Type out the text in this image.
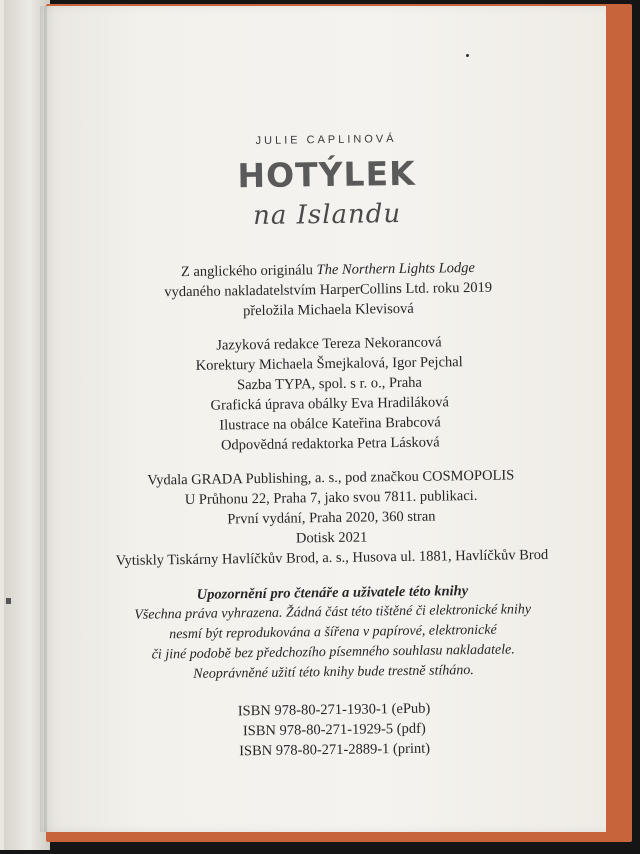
JULIE CAPLINOVÁ
HOTÝLEK
na Islandu
Z anglického originálu The Northern Lights Lodge
vydaného nakladatelstvím HarperCollins Ltd. roku 2019
přeložila Michaela Klevisová
Jazyková redakce Tereza Nekorancová
Korektury Michaela Šmejkalová, Igor Pejchal
Sazba TYPA, spol. s r. o., Praha
Grafická úprava obálky Eva Hradiláková
Ilustrace na obálce Kateřina Brabcová
Odpovědná redaktorka Petra Lásková
Vydala GRADA Publishing, a. s., pod značkou COSMOPOLIS
U Průhonu 22, Praha 7, jako svou 7811. publikaci.
První vydání, Praha 2020, 360 stran
Dotisk 2021
Vytiskly Tiskárny Havlíčkův Brod, a. s., Husova ul. 1881, Havlíčkův Brod
Upozornění pro čtenáře a uživatele této knihy
Všechna práva vyhrazena. Žádná část této tištěné či elektronické knihy
nesmí být reprodukována a šířena v papírové, elektronické
či jiné podobě bez předchozího písemného souhlasu nakladatele.
Neoprávněné užití této knihy bude trestně stíháno.
ISBN 978-80-271-1930-1 (ePub)
ISBN 978-80-271-1929-5 (pdf)
ISBN 978-80-271-2889-1 (print)
